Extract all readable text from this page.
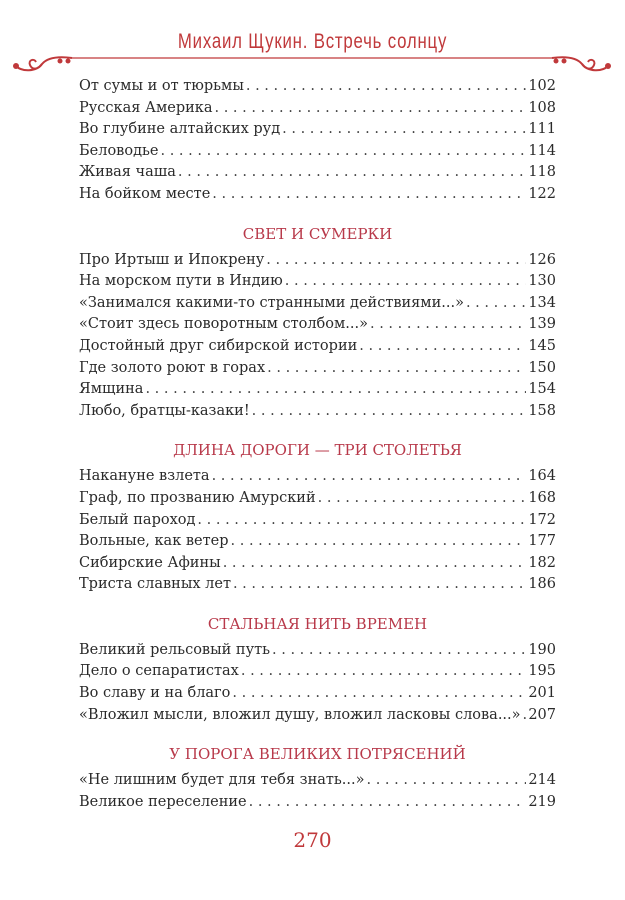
Михаил Щукин. Встречь солнцу
От сумы и от тюрьмы . . .	102
Русская Америка . . .	108
Во глубине алтайских руд . . .	111
Беловодье . . .	114
Живая чаша . . .	118
На бойком месте . . .	122
СВЕТ И СУМЕРКИ
Про Иртыш и Ипокрену . . .	126
На морском пути в Индию . . .	130
«Занимался какими-то странными действиями...» . . .	134
«Стоит здесь поворотным столбом...» . . .	139
Достойный друг сибирской истории . . .	145
Где золото роют в горах . . .	150
Ямщина . . .	154
Любо, братцы-казаки! . . .	158
ДЛИНА ДОРОГИ — ТРИ СТОЛЕТЬЯ
Накануне взлета . . .	164
Граф, по прозванию Амурский . . .	168
Белый пароход . . .	172
Вольные, как ветер . . .	177
Сибирские Афины . . .	182
Триста славных лет . . .	186
СТАЛЬНАЯ НИТЬ ВРЕМЕН
Великий рельсовый путь . . .	190
Дело о сепаратистах . . .	195
Во славу и на благо . . .	201
«Вложил мысли, вложил душу, вложил ласковы слова...» . . . 207
У ПОРОГА ВЕЛИКИХ ПОТРЯСЕНИЙ
«Не лишним будет для тебя знать...» . . .	214
Великое переселение . . .	219
270
